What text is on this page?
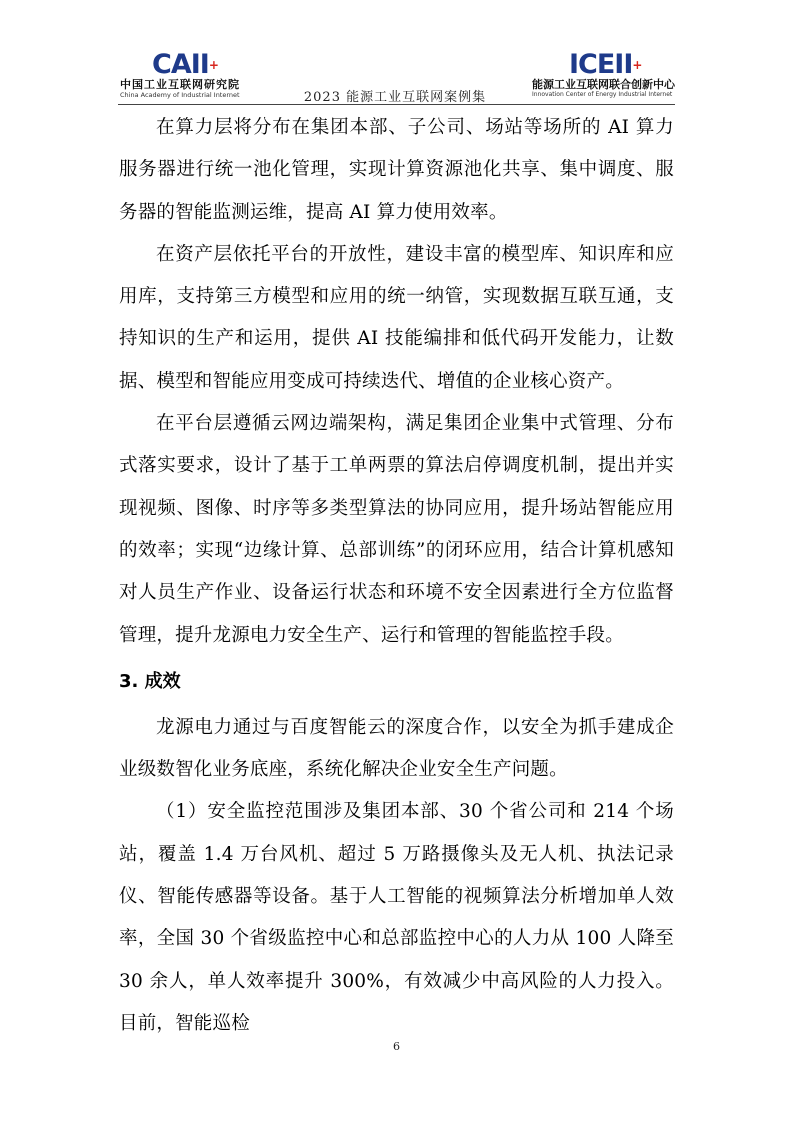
CAII+
中国工业互联网研究院
China Academy of Industrial Internet	2023 能源工业互联网案例集
ICEII+
能源工业互联网联合创新中心
Innovation Center of Energy Industrial Internet

在算力层将分布在集团本部、子公司、场站等场所的 AI 算力服务器进行统一池化管理，实现计算资源池化共享、集中调度、服务器的智能监测运维，提高 AI 算力使用效率。

在资产层依托平台的开放性，建设丰富的模型库、知识库和应用库，支持第三方模型和应用的统一纳管，实现数据互联互通，支持知识的生产和运用，提供 AI 技能编排和低代码开发能力，让数据、模型和智能应用变成可持续迭代、增值的企业核心资产。

在平台层遵循云网边端架构，满足集团企业集中式管理、分布式落实要求，设计了基于工单两票的算法启停调度机制，提出并实现视频、图像、时序等多类型算法的协同应用，提升场站智能应用的效率；实现“边缘计算、总部训练”的闭环应用，结合计算机感知对人员生产作业、设备运行状态和环境不安全因素进行全方位监督管理，提升龙源电力安全生产、运行和管理的智能监控手段。

3. 成效

龙源电力通过与百度智能云的深度合作，以安全为抓手建成企业级数智化业务底座，系统化解决企业安全生产问题。

（1）安全监控范围涉及集团本部、30 个省公司和 214 个场站，覆盖 1.4 万台风机、超过 5 万路摄像头及无人机、执法记录仪、智能传感器等设备。基于人工智能的视频算法分析增加单人效率，全国 30 个省级监控中心和总部监控中心的人力从 100 人降至 30 余人，单人效率提升 300%，有效减少中高风险的人力投入。目前，智能巡检

6
